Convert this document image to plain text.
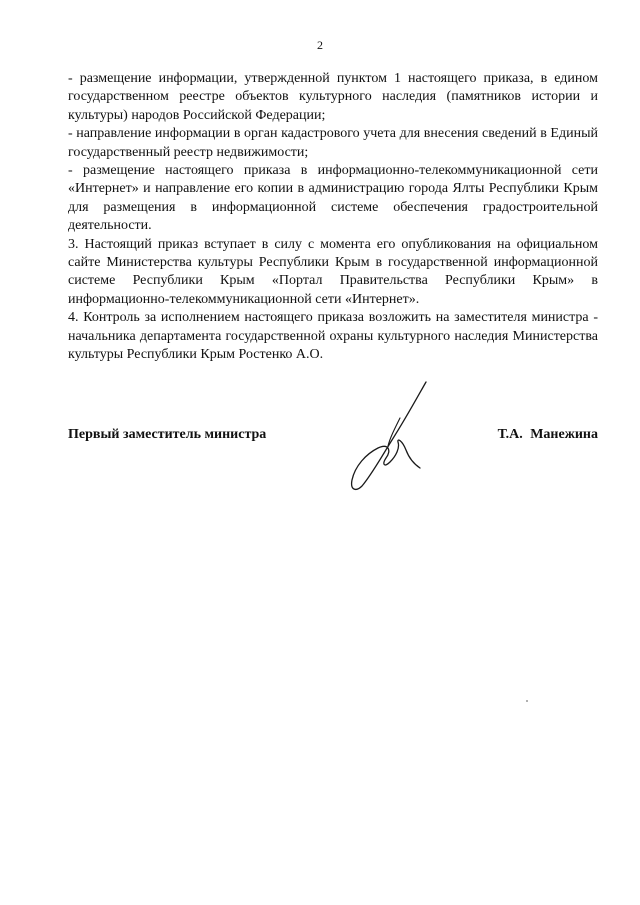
2

- размещение информации, утвержденной пунктом 1 настоящего приказа, в едином государственном реестре объектов культурного наследия (памятников истории и культуры) народов Российской Федерации;

- направление информации в орган кадастрового учета для внесения сведений в Единый государственный реестр недвижимости;

- размещение настоящего приказа в информационно-телекоммуникационной сети «Интернет» и направление его копии в администрацию города Ялты Республики Крым для размещения в информационной системе обеспечения градостроительной деятельности.

3. Настоящий приказ вступает в силу с момента его опубликования на официальном сайте Министерства культуры Республики Крым в государственной информационной системе Республики Крым «Портал Правительства Республики Крым» в информационно-телекоммуникационной сети «Интернет».

4. Контроль за исполнением настоящего приказа возложить на заместителя министра - начальника департамента государственной охраны культурного наследия Министерства культуры Республики Крым Ростенко А.О.

Первый заместитель министра	Т.А. Манежина
